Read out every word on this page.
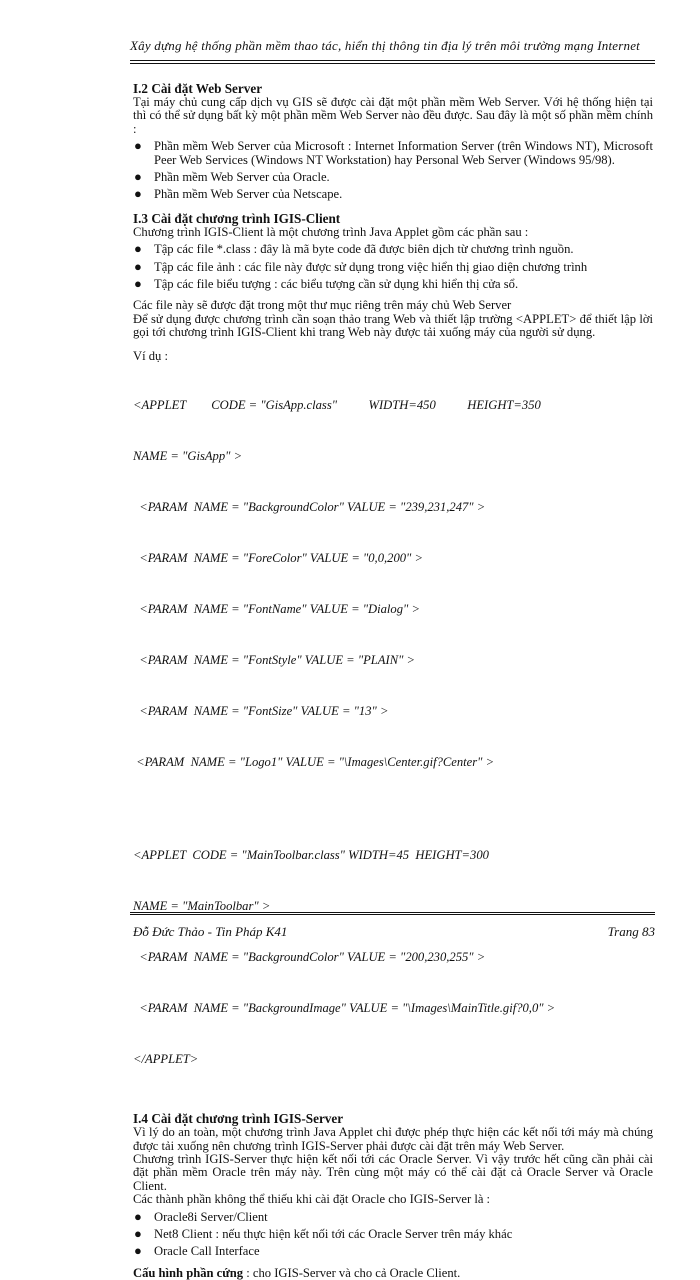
Xây dựng hệ thống phần mềm thao tác, hiển thị thông tin địa lý trên môi trường mạng Internet
I.2 Cài đặt Web Server

Tại máy chủ cung cấp dịch vụ GIS sẽ được cài đặt một phần mềm Web Server. Với hệ thống hiện tại thì có thể sử dụng bất kỳ một phần mềm Web Server nào đều được. Sau đây là một số phần mềm chính :

● Phần mềm Web Server của Microsoft : Internet Information Server (trên Windows NT), Microsoft Peer Web Services (Windows NT Workstation) hay Personal Web Server (Windows 95/98).
● Phần mềm Web Server của Oracle.
● Phần mềm Web Server của Netscape.
I.3 Cài đặt chương trình IGIS-Client

Chương trình IGIS-Client là một chương trình Java Applet gồm các phần sau :

● Tập các file *.class : đây là mã byte code đã được biên dịch từ chương trình nguồn.
● Tập các file ảnh : các file này được sử dụng trong việc hiển thị giao diện chương trình
● Tập các file biểu tượng : các biểu tượng cần sử dụng khi hiển thị cửa sổ.

Các file này sẽ được đặt trong một thư mục riêng trên máy chủ Web Server

Để sử dụng được chương trình cần soạn thảo trang Web và thiết lập trường <APPLET> để thiết lập lời gọi tới chương trình IGIS-Client khi trang Web này được tải xuống máy của người sử dụng.

Ví dụ :

<APPLET        CODE = "GisApp.class"          WIDTH=450          HEIGHT=350

NAME = "GisApp" >

<PARAM  NAME = "BackgroundColor" VALUE = "239,231,247" >

<PARAM  NAME = "ForeColor" VALUE = "0,0,200" >

<PARAM  NAME = "FontName" VALUE = "Dialog" >

<PARAM  NAME = "FontStyle" VALUE = "PLAIN" >

<PARAM  NAME = "FontSize" VALUE = "13" >

<PARAM  NAME = "Logo1" VALUE = "\Images\Center.gif?Center" >

<APPLET  CODE = "MainToolbar.class" WIDTH=45  HEIGHT=300

NAME = "MainToolbar" >

<PARAM  NAME = "BackgroundColor" VALUE = "200,230,255" >

<PARAM  NAME = "BackgroundImage" VALUE = "\Images\MainTitle.gif?0,0" >

</APPLET>

I.4 Cài đặt chương trình IGIS-Server

Vì lý do an toàn, một chương trình Java Applet chỉ được phép thực hiện các kết nối tới máy mà chúng được tải xuống nên chương trình IGIS-Server phải được cài đặt trên máy Web Server.

Chương trình IGIS-Server thực hiện kết nối tới các Oracle Server. Vì vậy trước hết cũng cần phải cài đặt phần mềm Oracle trên máy này. Trên cùng một máy có thể cài đặt cả Oracle Server và Oracle Client.

Các thành phần không thể thiếu khi cài đặt Oracle cho IGIS-Server là :

● Oracle8i Server/Client
● Net8 Client : nếu thực hiện kết nối tới các Oracle Server trên máy khác
● Oracle Call Interface

Cấu hình phần cứng : cho IGIS-Server và cho cả Oracle Client.

Đỗ Đức Thảo - Tin Pháp K41	Trang 83
